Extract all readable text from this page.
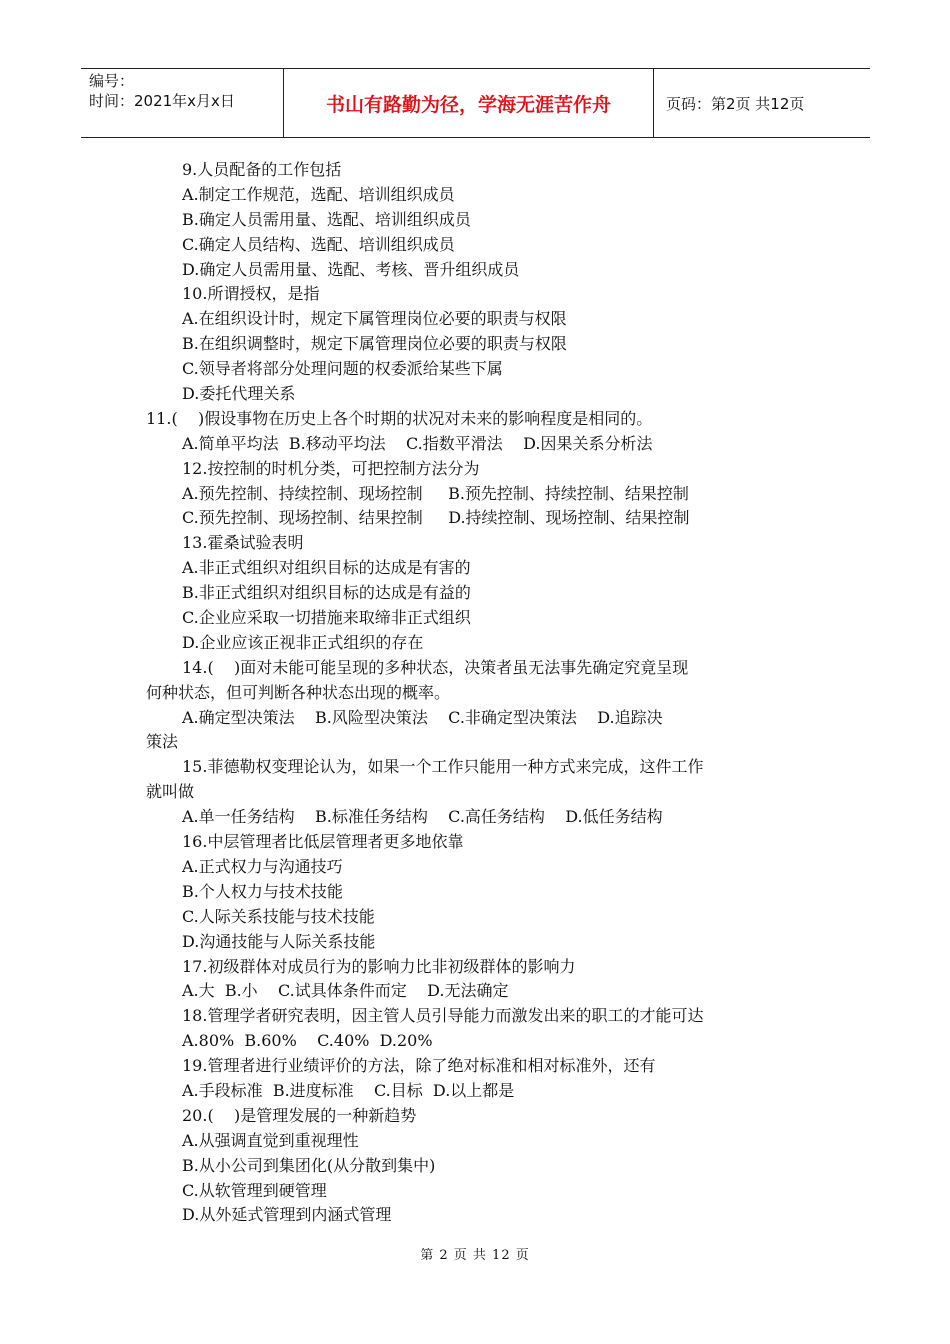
编号：
时间：2021年x月x日	书山有路勤为径，学海无涯苦作舟	页码：第2页 共12页
9.人员配备的工作包括
A.制定工作规范，选配、培训组织成员
B.确定人员需用量、选配、培训组织成员
C.确定人员结构、选配、培训组织成员
D.确定人员需用量、选配、考核、晋升组织成员
10.所谓授权，是指
A.在组织设计时，规定下属管理岗位必要的职责与权限
B.在组织调整时，规定下属管理岗位必要的职责与权限
C.领导者将部分处理问题的权委派给某些下属
D.委托代理关系
11.(    )假设事物在历史上各个时期的状况对未来的影响程度是相同的。
A.简单平均法  B.移动平均法    C.指数平滑法    D.因果关系分析法
12.按控制的时机分类，可把控制方法分为
A.预先控制、持续控制、现场控制     B.预先控制、持续控制、结果控制
C.预先控制、现场控制、结果控制     D.持续控制、现场控制、结果控制
13.霍桑试验表明
A.非正式组织对组织目标的达成是有害的
B.非正式组织对组织目标的达成是有益的
C.企业应采取一切措施来取缔非正式组织
D.企业应该正视非正式组织的存在
14.(    )面对未能可能呈现的多种状态，决策者虽无法事先确定究竟呈现
何种状态，但可判断各种状态出现的概率。
A.确定型决策法    B.风险型决策法    C.非确定型决策法    D.追踪决
策法
15.菲德勒权变理论认为，如果一个工作只能用一种方式来完成，这件工作
就叫做
A.单一任务结构    B.标准任务结构    C.高任务结构    D.低任务结构
16.中层管理者比低层管理者更多地依靠
A.正式权力与沟通技巧
B.个人权力与技术技能
C.人际关系技能与技术技能
D.沟通技能与人际关系技能
17.初级群体对成员行为的影响力比非初级群体的影响力
A.大  B.小    C.试具体条件而定    D.无法确定
18.管理学者研究表明，因主管人员引导能力而激发出来的职工的才能可达
A.80%  B.60%    C.40%  D.20%
19.管理者进行业绩评价的方法，除了绝对标准和相对标准外，还有
A.手段标准  B.进度标准    C.目标  D.以上都是
20.(    )是管理发展的一种新趋势
A.从强调直觉到重视理性
B.从小公司到集团化(从分散到集中)
C.从软管理到硬管理
D.从外延式管理到内涵式管理
第 2 页 共 12 页
